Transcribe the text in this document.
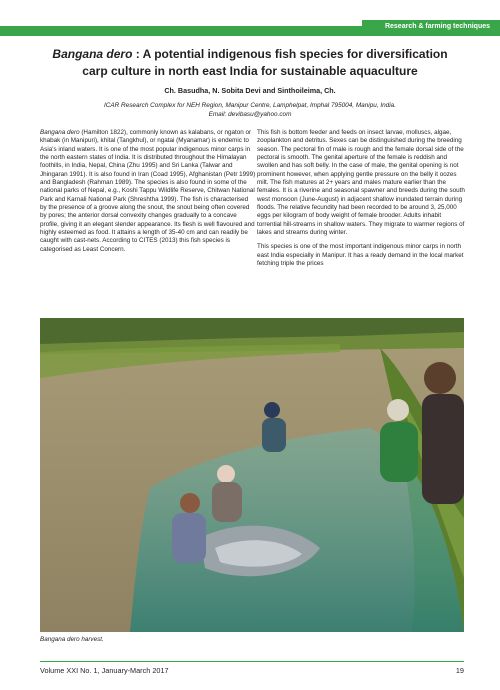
Research & farming techniques
Bangana dero : A potential indigenous fish species for diversification carp culture in north east India for sustainable aquaculture

Ch. Basudha, N. Sobita Devi and Sinthoileima, Ch.

ICAR Research Complex for NEH Region, Manipur Centre, Lamphelpat, Imphal 795004, Manipu, India.
Email: devibasu@yahoo.com

Bangana dero (Hamilton 1822), commonly known as kalabans, or ngaton or khabak (in Manipuri), khital (Tangkhul), or ngatai (Myanamar) is endemic to Asia's inland waters. It is one of the most popular indigenous minor carps in the north eastern states of India. It is distributed throughout the Himalayan foothills, in India, Nepal, China (Zhu 1995) and Sri Lanka (Talwar and Jhingaran 1991). It is also found in Iran (Coad 1995), Afghanistan (Petr 1999) and Bangladesh (Rahman 1989). The species is also found in some of the national parks of Nepal, e.g., Koshi Tappu Wildlife Reserve, Chitwan National Park and Karnali National Park (Shreshtha 1999). The fish is characterised by the presence of a groove along the snout, the snout being often covered by pores; the anterior dorsal convexity changes gradually to a concave profile, giving it an elegant slender appearance. Its flesh is well flavoured and highly esteemed as food. It attains a length of 35-40 cm and can readily be caught with cast-nets. According to CITES (2013) this fish species is categorised as Least Concern.

This fish is bottom feeder and feeds on insect larvae, molluscs, algae, zooplankton and detritus. Sexes can be distinguished during the breeding season. The pectoral fin of male is rough and the female dorsal side of the pectoral is smooth. The genital aperture of the female is reddish and swollen and has soft belly. In the case of male, the genital opening is not prominent however, when applying gentle pressure on the belly it oozes milt. The fish matures at 2+ years and males mature earlier than the females. It is a riverine and seasonal spawner and breeds during the south west monsoon (June-August) in adjacent shallow inundated terrain during floods. The relative fecundity had been recorded to be around 3, 25,000 eggs per kilogram of body weight of female brooder. Adults inhabit torrential hill-streams in shallow waters. They migrate to warmer regions of lakes and streams during winter.

This species is one of the most important indigenous minor carps in north east India especially in Manipur. It has a ready demand in the local market fetching triple the prices

Bangana dero harvest.
Volume XXI No. 1, January-March 2017	19
